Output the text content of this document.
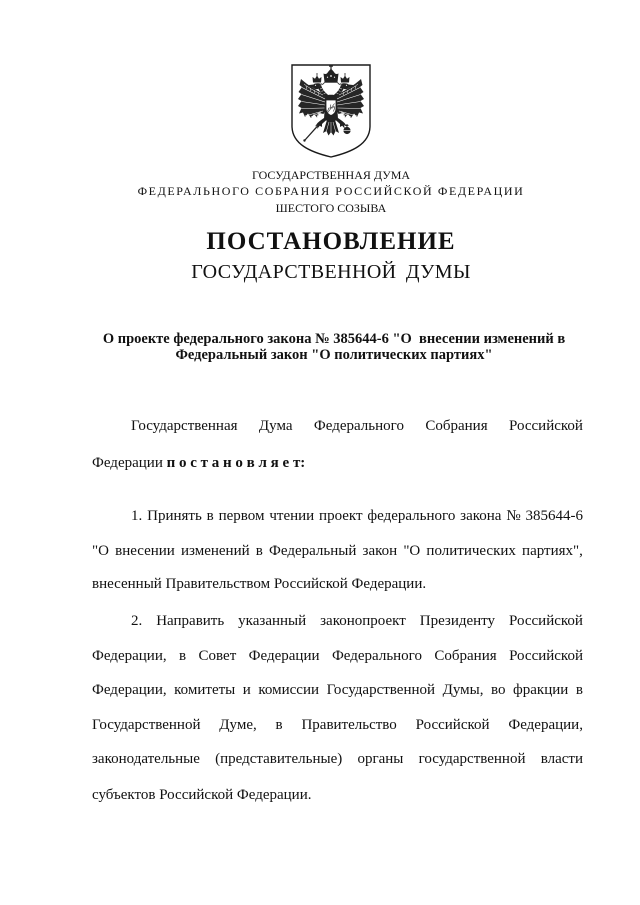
ГОСУДАРСТВЕННАЯ ДУМА
ФЕДЕРАЛЬНОГО СОБРАНИЯ РОССИЙСКОЙ ФЕДЕРАЦИИ
ШЕСТОГО СОЗЫВА
ПОСТАНОВЛЕНИЕ
ГОСУДАРСТВЕННОЙ ДУМЫ
О проекте федерального закона № 385644-6 "О  внесении изменений в
Федеральный закон "О политических партиях"
Государственная Дума Федерального Собрания Российской
Федерации п о с т а н о в л я е т:
1. Принять в первом чтении проект федерального закона № 385644-6
"О внесении изменений в Федеральный закон "О политических партиях",
внесенный Правительством Российской Федерации.
2. Направить указанный законопроект Президенту Российской
Федерации, в Совет Федерации Федерального Собрания Российской
Федерации, комитеты и комиссии Государственной Думы, во фракции в
Государственной Думе, в Правительство Российской Федерации,
законодательные (представительные) органы государственной власти
субъектов Российской Федерации.
